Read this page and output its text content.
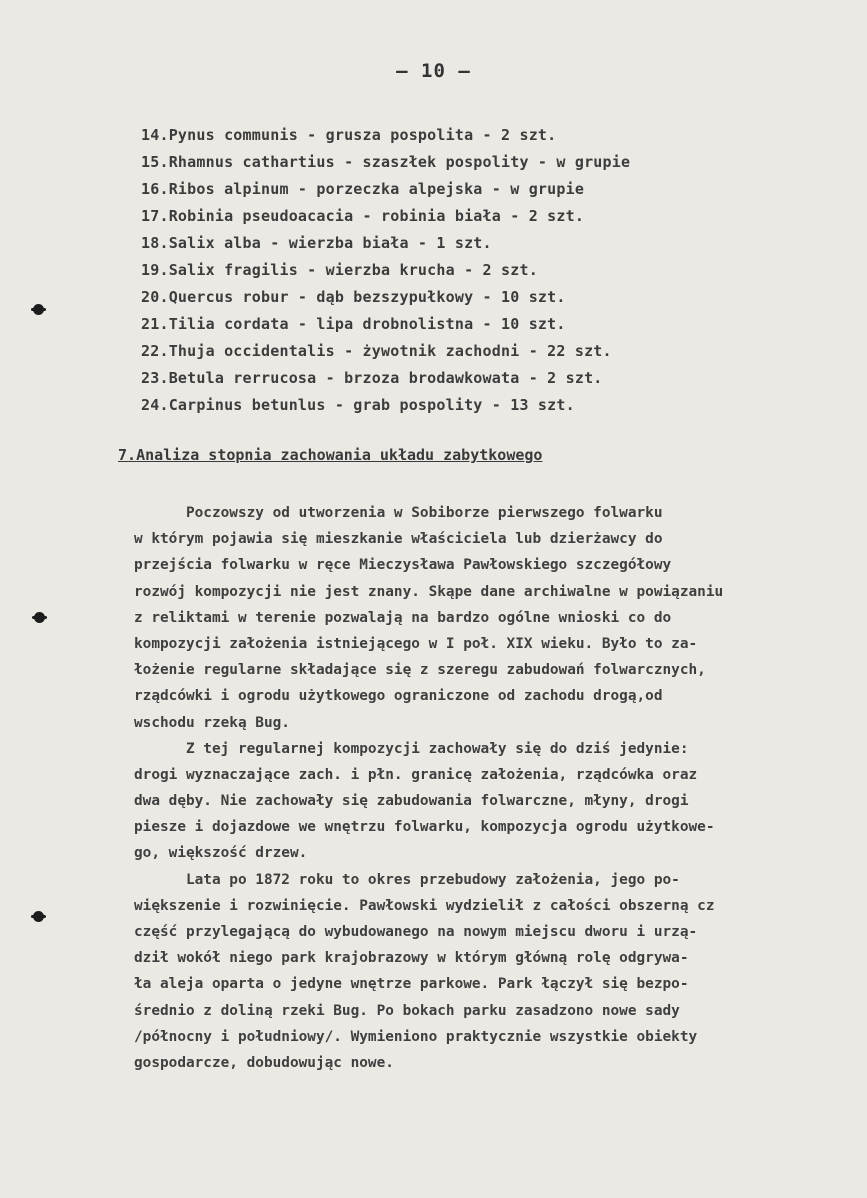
– 10 –
14.Pynus communis - grusza pospolita - 2 szt.
15.Rhamnus cathartius - szaszłek pospolity - w grupie
16.Ribos alpinum - porzeczka alpejska - w grupie
17.Robinia pseudoacacia - robinia biała - 2 szt.
18.Salix alba - wierzba biała - 1 szt.
19.Salix fragilis - wierzba krucha - 2 szt.
20.Quercus robur - dąb bezszypułkowy - 10 szt.
21.Tilia cordata - lipa drobnolistna - 10 szt.
22.Thuja occidentalis - żywotnik zachodni - 22 szt.
23.Betula rerrucosa - brzoza brodawkowata - 2 szt.
24.Carpinus betunlus - grab pospolity - 13 szt.
7.Analiza stopnia zachowania układu zabytkowego
Poczowszy od utworzenia w Sobiborze pierwszego folwarku
w którym pojawia się mieszkanie właściciela lub dzierżawcy do
przejścia folwarku w ręce Mieczysława Pawłowskiego szczegółowy
rozwój kompozycji nie jest znany. Skąpe dane archiwalne w powiązaniu
z reliktami w terenie pozwalają na bardzo ogólne wnioski co do
kompozycji założenia istniejącego w I poł. XIX wieku. Było to za-
łożenie regularne składające się z szeregu zabudowań folwarcznych,
rządcówki i ogrodu użytkowego ograniczone od zachodu drogą,od
wschodu rzeką Bug.
Z tej regularnej kompozycji zachowały się do dziś jedynie:
drogi wyznaczające zach. i płn. granicę założenia, rządcówka oraz
dwa dęby. Nie zachowały się zabudowania folwarczne, młyny, drogi
piesze i dojazdowe we wnętrzu folwarku, kompozycja ogrodu użytkowe-
go, większość drzew.
Lata po 1872 roku to okres przebudowy założenia, jego po-
większenie i rozwinięcie. Pawłowski wydzielił z całości obszerną cz
część przylegającą do wybudowanego na nowym miejscu dworu i urzą-
dził wokół niego park krajobrazowy w którym główną rolę odgrywa-
ła aleja oparta o jedyne wnętrze parkowe. Park łączył się bezpo-
średnio z doliną rzeki Bug. Po bokach parku zasadzono nowe sady
/północny i południowy/. Wymieniono praktycznie wszystkie obiekty
gospodarcze, dobudowując nowe.
